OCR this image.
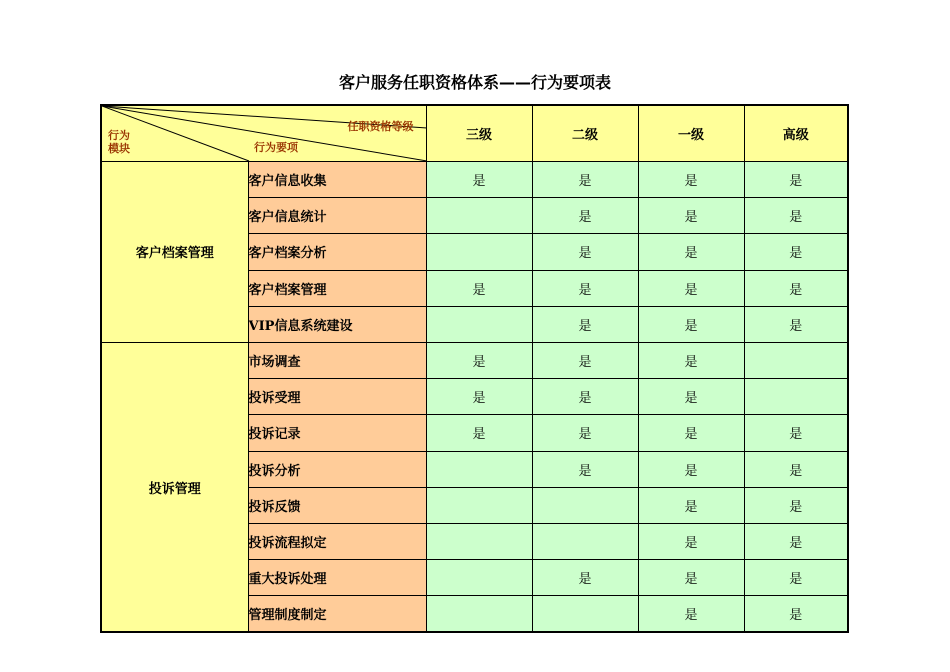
客户服务任职资格体系——行为要项表
任职资格等级
行为
模块 行为要项		三级	二级	一级	高级
客户档案管理	客户信息收集	是	是	是	是
	客户信息统计		是	是	是
	客户档案分析		是	是	是
	客户档案管理	是	是	是	是
	VIP信息系统建设		是	是	是
投诉管理	市场调查	是	是	是	
	投诉受理	是	是	是	
	投诉记录	是	是	是	是
	投诉分析		是	是	是
	投诉反馈			是	是
	投诉流程拟定			是	是
	重大投诉处理		是	是	是
	管理制度制定			是	是
